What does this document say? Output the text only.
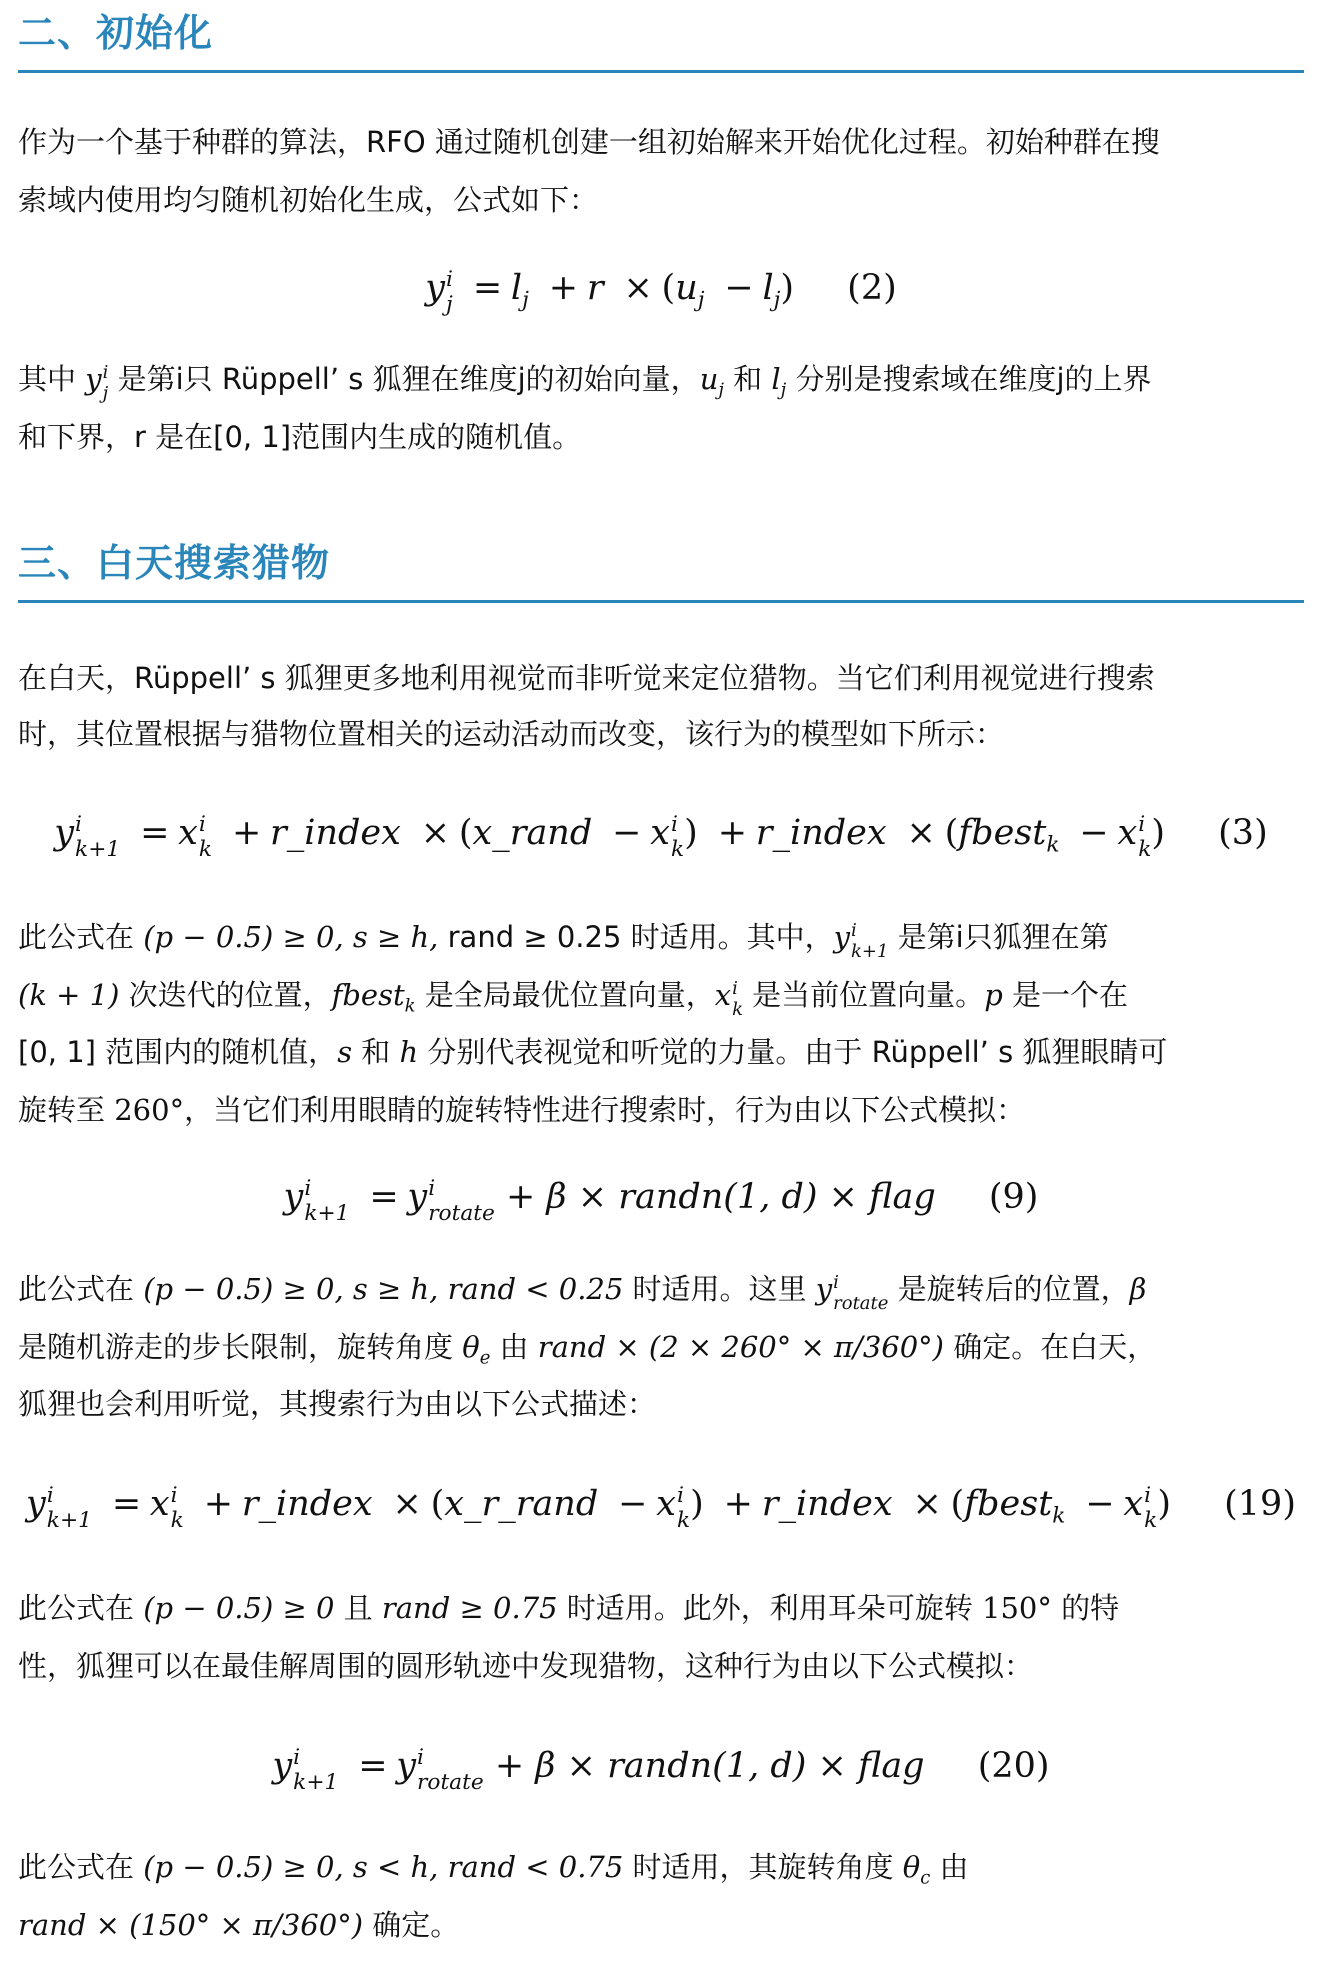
二、初始化
作为一个基于种群的算法，RFO 通过随机创建一组初始解来开始优化过程。初始种群在搜
索域内使用均匀随机初始化生成，公式如下：
y i
$j = l_j + r \times (u_j - l_j)$ (2)
其中 y i
j 是第i只 Rüppell’ s 狐狸在维度j的初始向量，$u_j$ 和 $l_j$ 分别是搜索域在维度j的上界
和下界，r 是在[0, 1]范围内生成的随机值。
三、白天搜索猎物
在白天，Rüppell’ s 狐狸更多地利用视觉而非听觉来定位猎物。当它们利用视觉进行搜索
时，其位置根据与猎物位置相关的运动活动而改变，该行为的模型如下所示：
y i
k+1 = x i
k + r_index × (x_rand − x i
k ) + r_index × (fbest$_k$ − x i
k ) (3)
此公式在 (p − 0.5) ≥ 0, s ≥ h, rand ≥ 0.25 时适用。其中，y i
k+1 是第i只狐狸在第
(k + 1) 次迭代的位置，fbest$_k$ 是全局最优位置向量，x i
k 是当前位置向量。p 是一个在
[0, 1] 范围内的随机值，s 和 h 分别代表视觉和听觉的力量。由于 Rüppell’ s 狐狸眼睛可
旋转至 260°，当它们利用眼睛的旋转特性进行搜索时，行为由以下公式模拟：
y i
k+1 = y i
rotate + β × randn(1, d) × flag (9)
此公式在 (p − 0.5) ≥ 0, s ≥ h, rand < 0.25 时适用。这里 y i
rotate 是旋转后的位置，β
是随机游走的步长限制，旋转角度 $\theta_e$ 由 rand × (2 × 260° × π/360°) 确定。在白天，
狐狸也会利用听觉，其搜索行为由以下公式描述：
y i
k+1 = x i
k + r_index × (x_r_rand − x i
k ) + r_index × (fbest$_k$ − x i
k ) (19)
此公式在 (p − 0.5) ≥ 0 且 rand ≥ 0.75 时适用。此外，利用耳朵可旋转 150° 的特
性，狐狸可以在最佳解周围的圆形轨迹中发现猎物，这种行为由以下公式模拟：
y i
k+1 = y i
rotate + β × randn(1, d) × flag (20)
此公式在 (p − 0.5) ≥ 0, s < h, rand < 0.75 时适用，其旋转角度 $\theta_c$ 由
rand × (150° × π/360°) 确定。
